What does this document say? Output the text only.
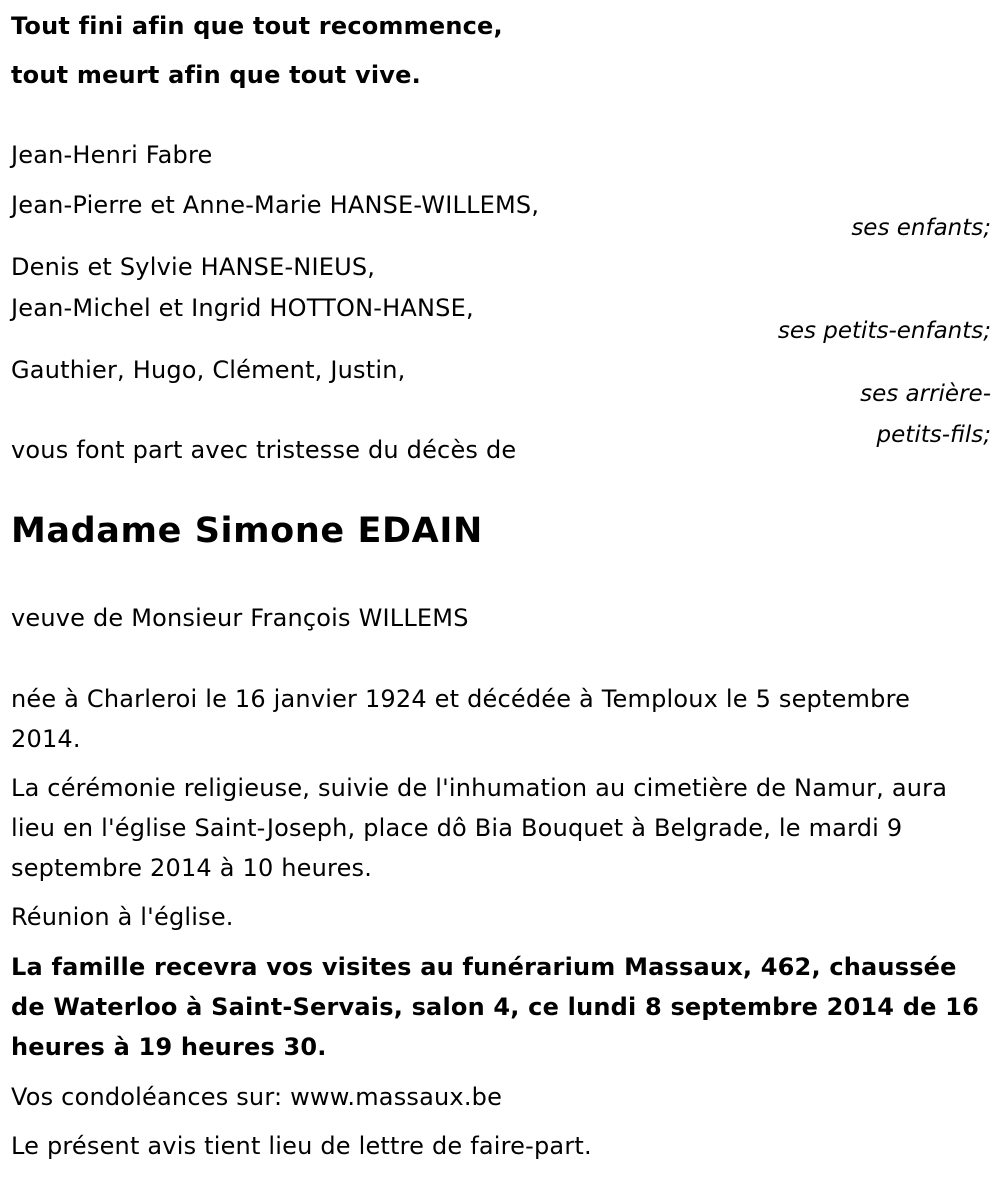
Tout fini afin que tout recommence,

tout meurt afin que tout vive.

Jean-Henri Fabre

Jean-Pierre et Anne-Marie HANSE-WILLEMS,

ses enfants;

Denis et Sylvie HANSE-NIEUS,

Jean-Michel et Ingrid HOTTON-HANSE,

ses petits-enfants;

Gauthier, Hugo, Clément, Justin,

ses arrière-

petits-fils;

vous font part avec tristesse du décès de

Madame Simone EDAIN

veuve de Monsieur François WILLEMS

née à Charleroi le 16 janvier 1924 et décédée à Temploux le 5 septembre 2014.

La cérémonie religieuse, suivie de l'inhumation au cimetière de Namur, aura lieu en l'église Saint-Joseph, place dô Bia Bouquet à Belgrade, le mardi 9 septembre 2014 à 10 heures.

Réunion à l'église.

La famille recevra vos visites au funérarium Massaux, 462, chaussée de Waterloo à Saint-Servais, salon 4, ce lundi 8 septembre 2014 de 16 heures à 19 heures 30.

Vos condoléances sur: www.massaux.be

Le présent avis tient lieu de lettre de faire-part.
